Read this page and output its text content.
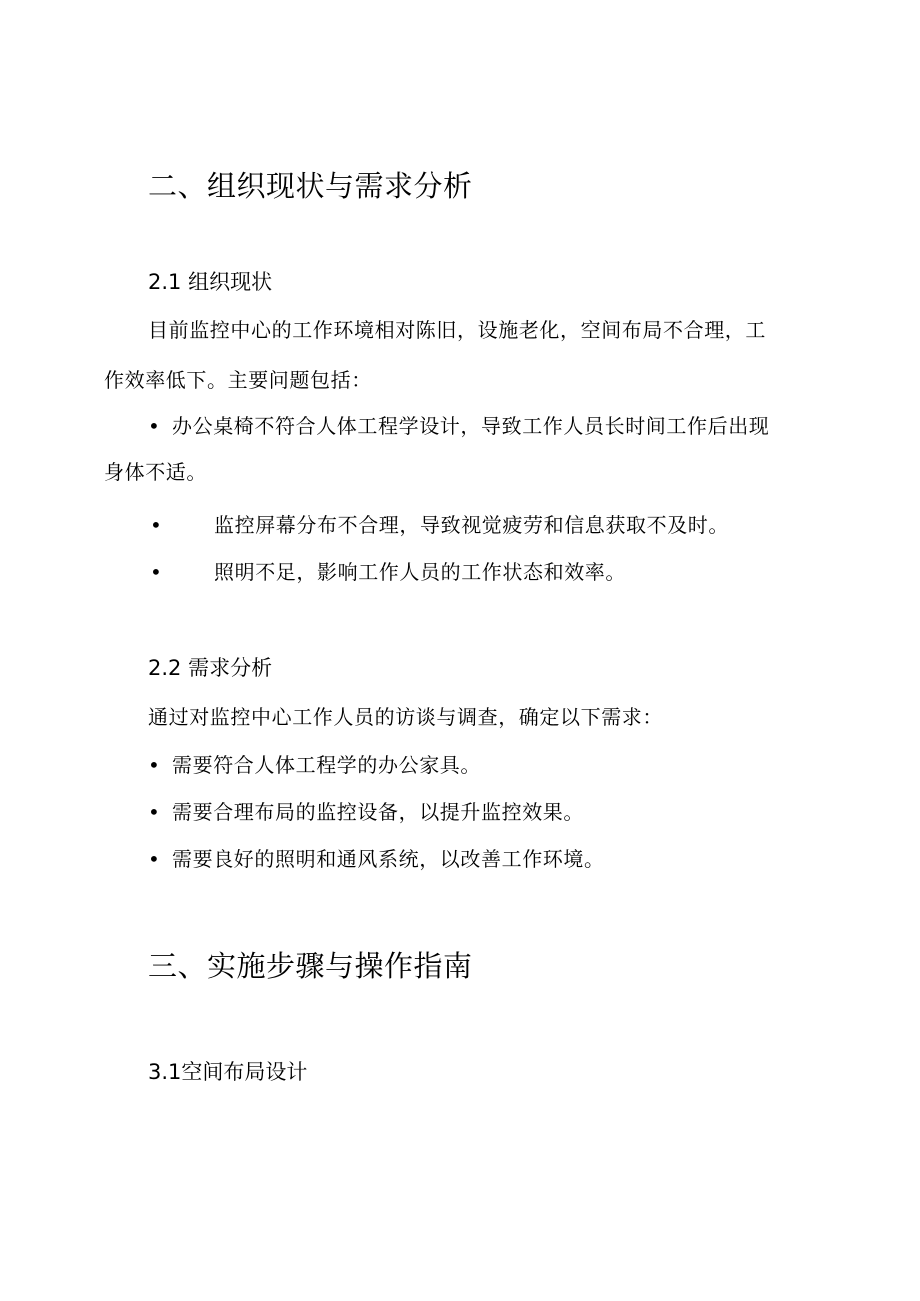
二、组织现状与需求分析
2.1 组织现状
目前监控中心的工作环境相对陈旧，设施老化，空间布局不合理，工
作效率低下。主要问题包括：
• 办公桌椅不符合人体工程学设计，导致工作人员长时间工作后出现
身体不适。
•	监控屏幕分布不合理，导致视觉疲劳和信息获取不及时。
•	照明不足，影响工作人员的工作状态和效率。
2.2 需求分析
通过对监控中心工作人员的访谈与调查，确定以下需求：
• 需要符合人体工程学的办公家具。
• 需要合理布局的监控设备，以提升监控效果。
• 需要良好的照明和通风系统，以改善工作环境。
三、实施步骤与操作指南
3.1空间布局设计
